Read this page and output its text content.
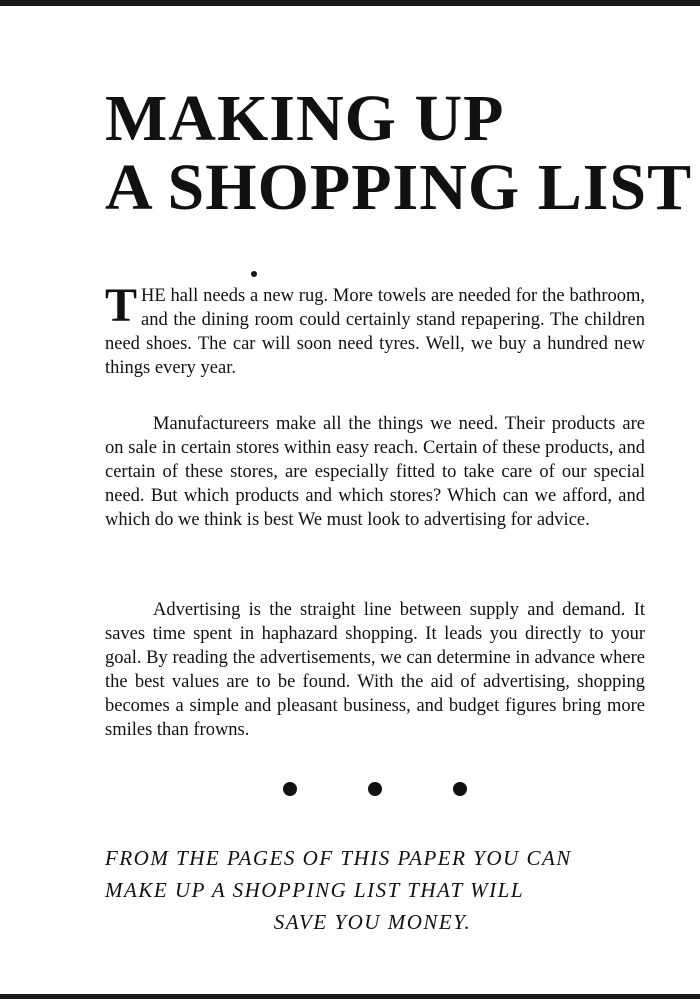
MAKING UP
A SHOPPING LIST

THE hall needs a new rug. More towels are needed for the bathroom, and the dining room could certainly stand repapering. The children need shoes. The car will soon need tyres. Well, we buy a hundred new things every year.

Manufactureers make all the things we need. Their products are on sale in certain stores within easy reach. Certain of these products, and certain of these stores, are especially fitted to take care of our special need. But which products and which stores? Which can we afford, and which do we think is best We must look to advertising for advice.

Advertising is the straight line between supply and demand. It saves time spent in haphazard shopping. It leads you directly to your goal. By reading the advertisements, we can determine in advance where the best values are to be found. With the aid of advertising, shopping becomes a simple and pleasant business, and budget figures bring more smiles than frowns.

FROM THE PAGES OF THIS PAPER YOU CAN

MAKE UP A SHOPPING LIST THAT WILL

SAVE YOU MONEY.
